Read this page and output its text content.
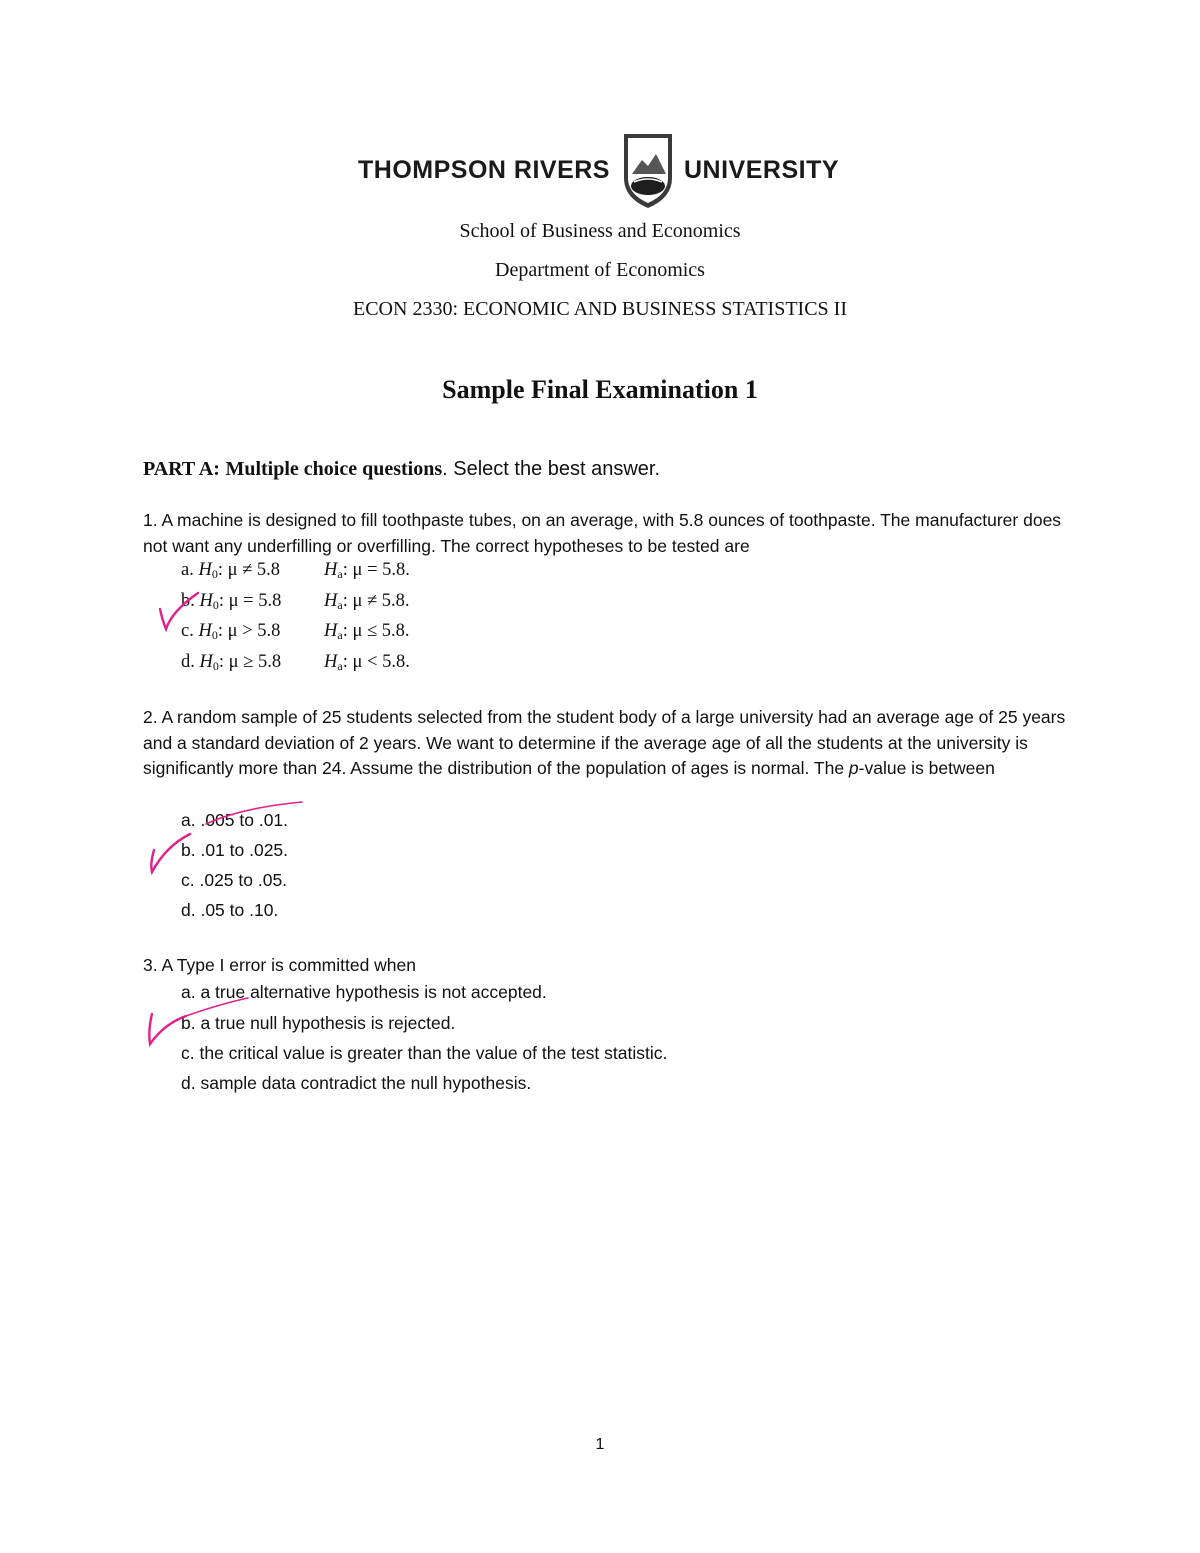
THOMPSON RIVERS	UNIVERSITY
School of Business and Economics
Department of Economics
ECON 2330: ECONOMIC AND BUSINESS STATISTICS II
Sample Final Examination 1
PART A: Multiple choice questions. Select the best answer.
1. A machine is designed to fill toothpaste tubes, on an average, with 5.8 ounces of toothpaste. The manufacturer does not want any underfilling or overfilling. The correct hypotheses to be tested are
a. $H_0$: μ ≠ 5.8 $H_a$: μ = 5.8.
b. $H_0$: μ = 5.8 $H_a$: μ ≠ 5.8.
c. $H_0$: μ > 5.8 $H_a$: μ ≤ 5.8.
d. $H_0$: μ ≥ 5.8 $H_a$: μ < 5.8.
2. A random sample of 25 students selected from the student body of a large university had an average age of 25 years and a standard deviation of 2 years. We want to determine if the average age of all the students at the university is significantly more than 24. Assume the distribution of the population of ages is normal. The p-value is between
a. .005 to .01.
b. .01 to .025.
c. .025 to .05.
d. .05 to .10.
3. A Type I error is committed when
a. a true alternative hypothesis is not accepted.
b. a true null hypothesis is rejected.
c. the critical value is greater than the value of the test statistic.
d. sample data contradict the null hypothesis.
1
